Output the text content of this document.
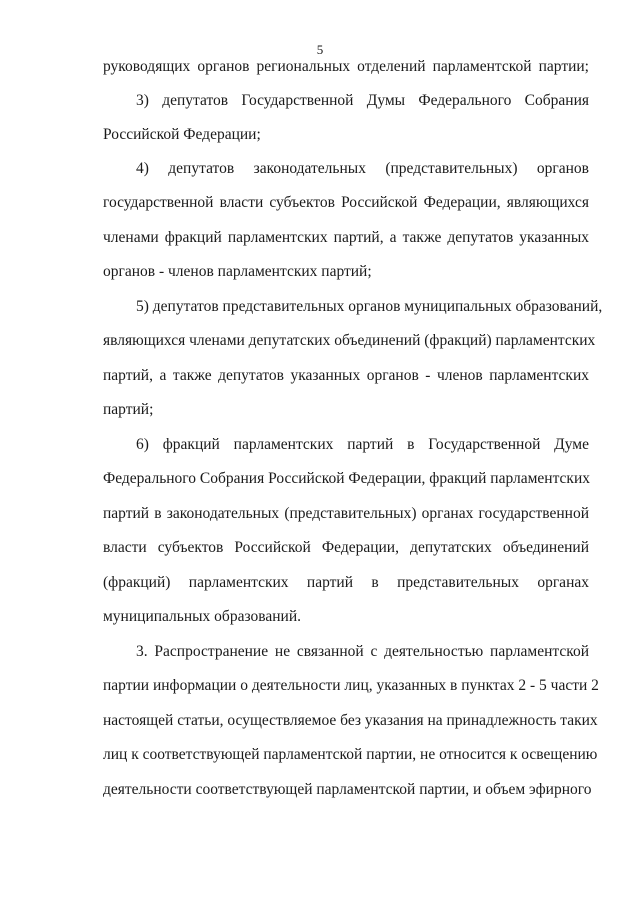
5
руководящих органов региональных отделений парламентской партии;
3) депутатов Государственной Думы Федерального Собрания
Российской Федерации;
4) депутатов законодательных (представительных) органов
государственной власти субъектов Российской Федерации, являющихся
членами фракций парламентских партий, а также депутатов указанных
органов - членов парламентских партий;
5) депутатов представительных органов муниципальных образований,
являющихся членами депутатских объединений (фракций) парламентских
партий, а также депутатов указанных органов - членов парламентских
партий;
6) фракций парламентских партий в Государственной Думе
Федерального Собрания Российской Федерации, фракций парламентских
партий в законодательных (представительных) органах государственной
власти субъектов Российской Федерации, депутатских объединений
(фракций) парламентских партий в представительных органах
муниципальных образований.
3. Распространение не связанной с деятельностью парламентской
партии информации о деятельности лиц, указанных в пунктах 2 - 5 части 2
настоящей статьи, осуществляемое без указания на принадлежность таких
лиц к соответствующей парламентской партии, не относится к освещению
деятельности соответствующей парламентской партии, и объем эфирного
